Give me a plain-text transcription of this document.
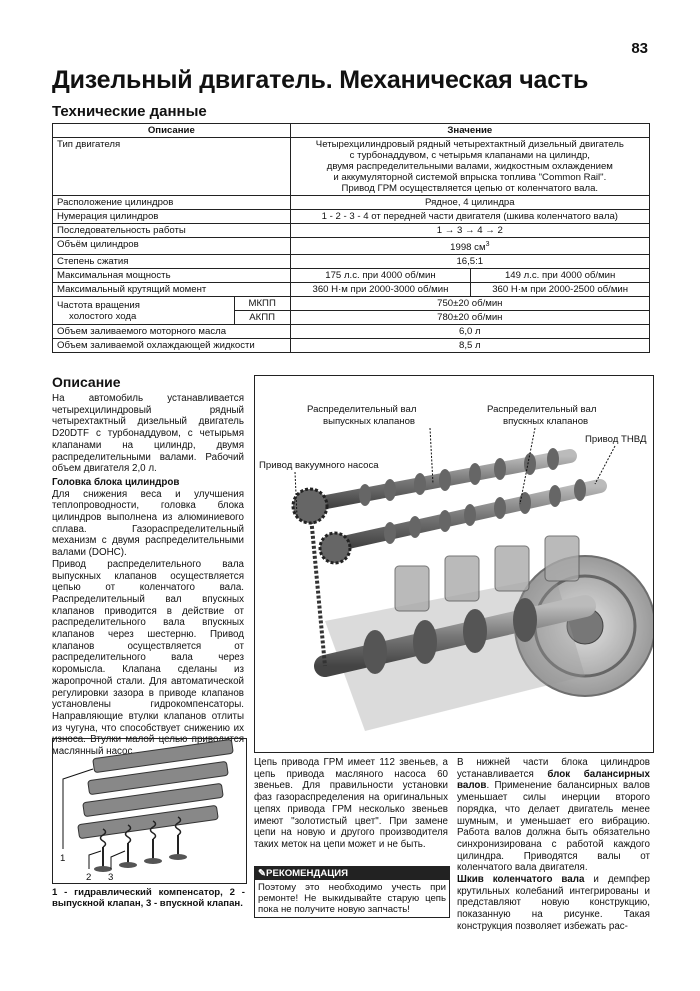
83
Дизельный двигатель. Механическая часть
Технические данные
Описание		Значение	
Тип двигателя		Четырехцилиндровый рядный четырехтактный дизельный двигатель
с турбонаддувом, с четырьмя клапанами на цилиндр,
двумя распределительными валами, жидкостным охлаждением
и аккумуляторной системой впрыска топлива "Common Rail".
Привод ГРМ осуществляется цепью от коленчатого вала.	

Расположение цилиндров		Рядное, 4 цилиндра	
Нумерация цилиндров		1 - 2 - 3 - 4 от передней части двигателя (шкива коленчатого вала)	
Последовательность работы		1 → 3 → 4 → 2	
Объём цилиндров		1998 $см^3$
Степень сжатия		16,5:1	
Максимальная мощность		175 л.с. при 4000 об/мин	149 л.с. при 4000 об/мин
Максимальный крутящий момент		360 Н·м при 2000-3000 об/мин	360 Н·м при 2000-2500 об/мин

Частота вращения
холостого хода	МКПП	750±20 об/мин	
	АКПП	780±20 об/мин	
Объем заливаемого моторного масла		6,0 л	
Объем заливаемой охлаждающей жидкости		8,5 л	
Описание

На автомобиль устанавливается четырехцилиндровый рядный четырехтактный дизельный двигатель D20DTF с турбонаддувом, с четырьмя клапанами на цилиндр, двумя распределительными валами. Рабочий объем двигателя 2,0 л.

Головка блока цилиндров

Для снижения веса и улучшения теплопроводности, головка блока цилиндров выполнена из алюминиевого сплава. Газораспределительный механизм с двумя распределительными валами (DOHC).

Привод распределительного вала выпускных клапанов осуществляется цепью от коленчатого вала. Распределительный вал впускных клапанов приводится в действие от распределительного вала впускных клапанов через шестерню. Привод клапанов осуществляется от распределительного вала через коромысла. Клапана сделаны из жаропрочной стали. Для автоматической регулировки зазора в приводе клапанов установлены гидрокомпенсаторы. Направляющие втулки клапанов отлиты из чугуна, что способствует снижению их износа. Втулки малой целью приводится маслянный насос.

Распределительный вал
выпускных клапанов
Распределительный вал
впускных клапанов
Привод ТНВД
Привод вакуумного насоса
1
2 3
1 - гидравлический компенсатор, 2 - выпускной клапан, 3 - впускной клапан.

Цепь привода ГРМ имеет 112 звеньев, а цепь привода масляного насоса 60 звеньев. Для правильности установки фаз газораспределения на оригинальных цепях привода ГРМ несколько звеньев имеют "золотистый цвет". При замене цепи на новую и другого производителя таких меток на цепи может и не быть.

✎РЕКОМЕНДАЦИЯ
Поэтому это необходимо учесть при ремонте! Не выкидывайте старую цепь пока не получите новую запчасть!

В нижней части блока цилиндров устанавливается блок балансирных валов. Применение балансирных валов уменьшает силы инерции второго порядка, что делает двигатель менее шумным, и уменьшает его вибрацию. Работа валов должна быть обязательно синхронизирована с работой каждого цилиндра. Приводятся валы от коленчатого вала двигателя.

Шкив коленчатого вала и демпфер крутильных колебаний интегрированы и представляют новую конструкцию, показанную на рисунке. Такая конструкция позволяет избежать рас-
